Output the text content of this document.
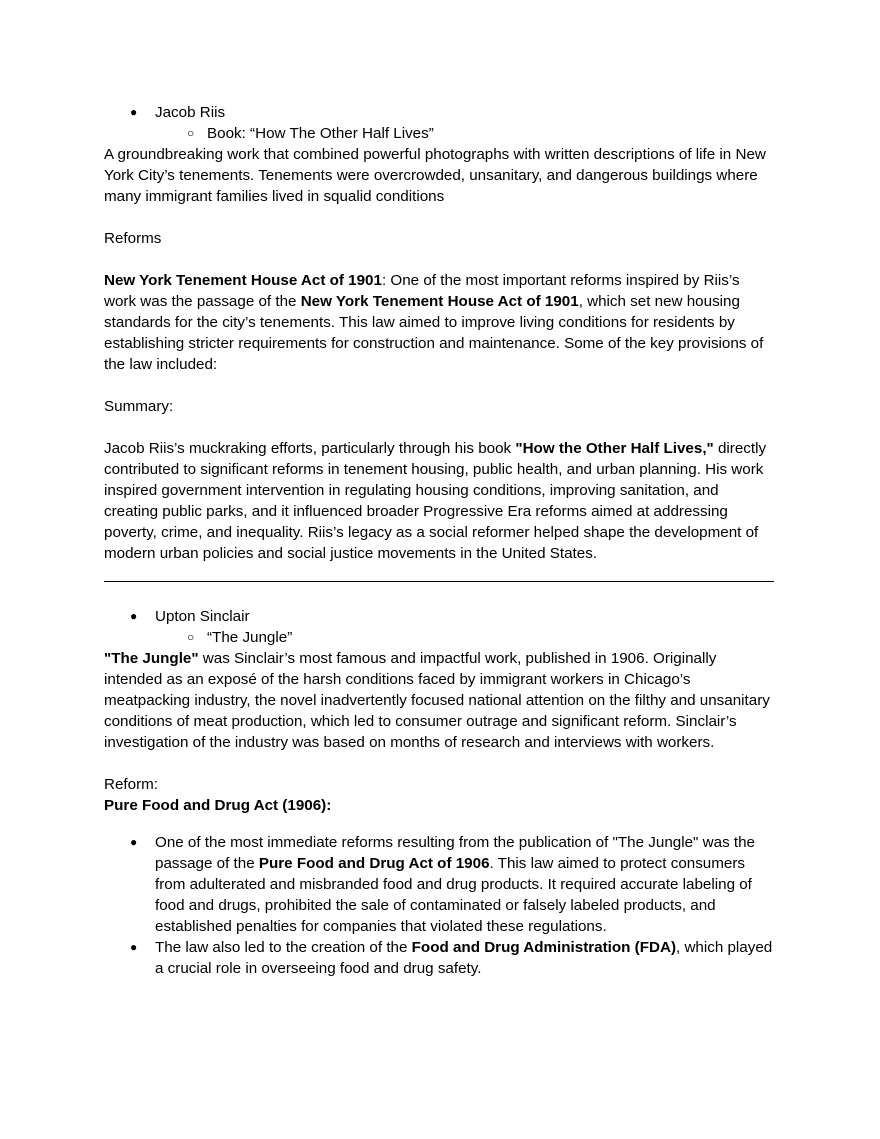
● Jacob Riis
○ Book: “How The Other Half Lives”

A groundbreaking work that combined powerful photographs with written descriptions of life in New York City’s tenements. Tenements were overcrowded, unsanitary, and dangerous buildings where many immigrant families lived in squalid conditions

Reforms

New York Tenement House Act of 1901: One of the most important reforms inspired by Riis’s work was the passage of the New York Tenement House Act of 1901, which set new housing standards for the city’s tenements. This law aimed to improve living conditions for residents by establishing stricter requirements for construction and maintenance. Some of the key provisions of the law included:

Summary:

Jacob Riis’s muckraking efforts, particularly through his book "How the Other Half Lives," directly contributed to significant reforms in tenement housing, public health, and urban planning. His work inspired government intervention in regulating housing conditions, improving sanitation, and creating public parks, and it influenced broader Progressive Era reforms aimed at addressing poverty, crime, and inequality. Riis’s legacy as a social reformer helped shape the development of modern urban policies and social justice movements in the United States.

● Upton Sinclair
○ “The Jungle”

"The Jungle" was Sinclair’s most famous and impactful work, published in 1906. Originally intended as an exposé of the harsh conditions faced by immigrant workers in Chicago’s meatpacking industry, the novel inadvertently focused national attention on the filthy and unsanitary conditions of meat production, which led to consumer outrage and significant reform. Sinclair’s investigation of the industry was based on months of research and interviews with workers.

Reform:

Pure Food and Drug Act (1906):

● One of the most immediate reforms resulting from the publication of "The Jungle" was the passage of the Pure Food and Drug Act of 1906. This law aimed to protect consumers from adulterated and misbranded food and drug products. It required accurate labeling of food and drugs, prohibited the sale of contaminated or falsely labeled products, and established penalties for companies that violated these regulations.
● The law also led to the creation of the Food and Drug Administration (FDA), which played a crucial role in overseeing food and drug safety.
